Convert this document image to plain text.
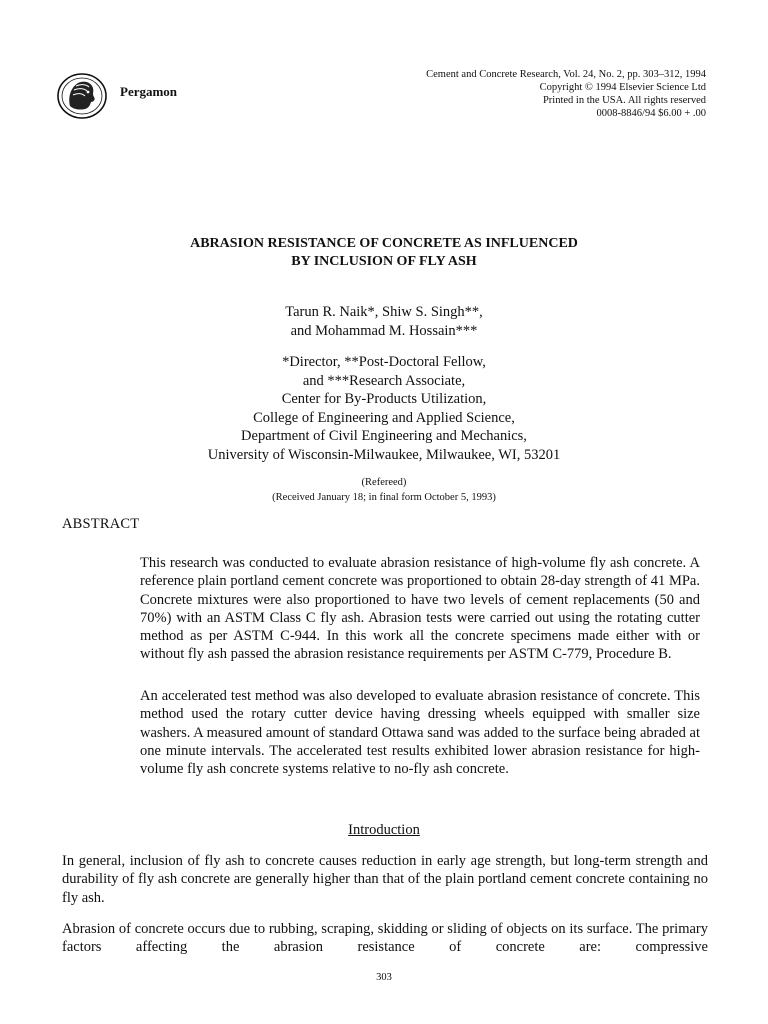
Pergamon
Cement and Concrete Research, Vol. 24, No. 2, pp. 303–312, 1994
Copyright © 1994 Elsevier Science Ltd
Printed in the USA. All rights reserved
0008-8846/94 $6.00 + .00
ABRASION RESISTANCE OF CONCRETE AS INFLUENCED
BY INCLUSION OF FLY ASH
Tarun R. Naik*, Shiw S. Singh**,
and Mohammad M. Hossain***
*Director, **Post-Doctoral Fellow,
and ***Research Associate,
Center for By-Products Utilization,
College of Engineering and Applied Science,
Department of Civil Engineering and Mechanics,
University of Wisconsin-Milwaukee, Milwaukee, WI, 53201
(Refereed)
(Received January 18; in final form October 5, 1993)
ABSTRACT
This research was conducted to evaluate abrasion resistance of high-volume fly ash concrete. A reference plain portland cement concrete was proportioned to obtain 28-day strength of 41 MPa. Concrete mixtures were also proportioned to have two levels of cement replacements (50 and 70%) with an ASTM Class C fly ash. Abrasion tests were carried out using the rotating cutter method as per ASTM C-944. In this work all the concrete specimens made either with or without fly ash passed the abrasion resistance requirements per ASTM C-779, Procedure B.
An accelerated test method was also developed to evaluate abrasion resistance of concrete. This method used the rotary cutter device having dressing wheels equipped with smaller size washers. A measured amount of standard Ottawa sand was added to the surface being abraded at one minute intervals. The accelerated test results exhibited lower abrasion resistance for high-volume fly ash concrete systems relative to no-fly ash concrete.
Introduction
In general, inclusion of fly ash to concrete causes reduction in early age strength, but long-term strength and durability of fly ash concrete are generally higher than that of the plain portland cement concrete containing no fly ash.
Abrasion of concrete occurs due to rubbing, scraping, skidding or sliding of objects on its surface. The primary factors affecting the abrasion resistance of concrete are: compressive
303
